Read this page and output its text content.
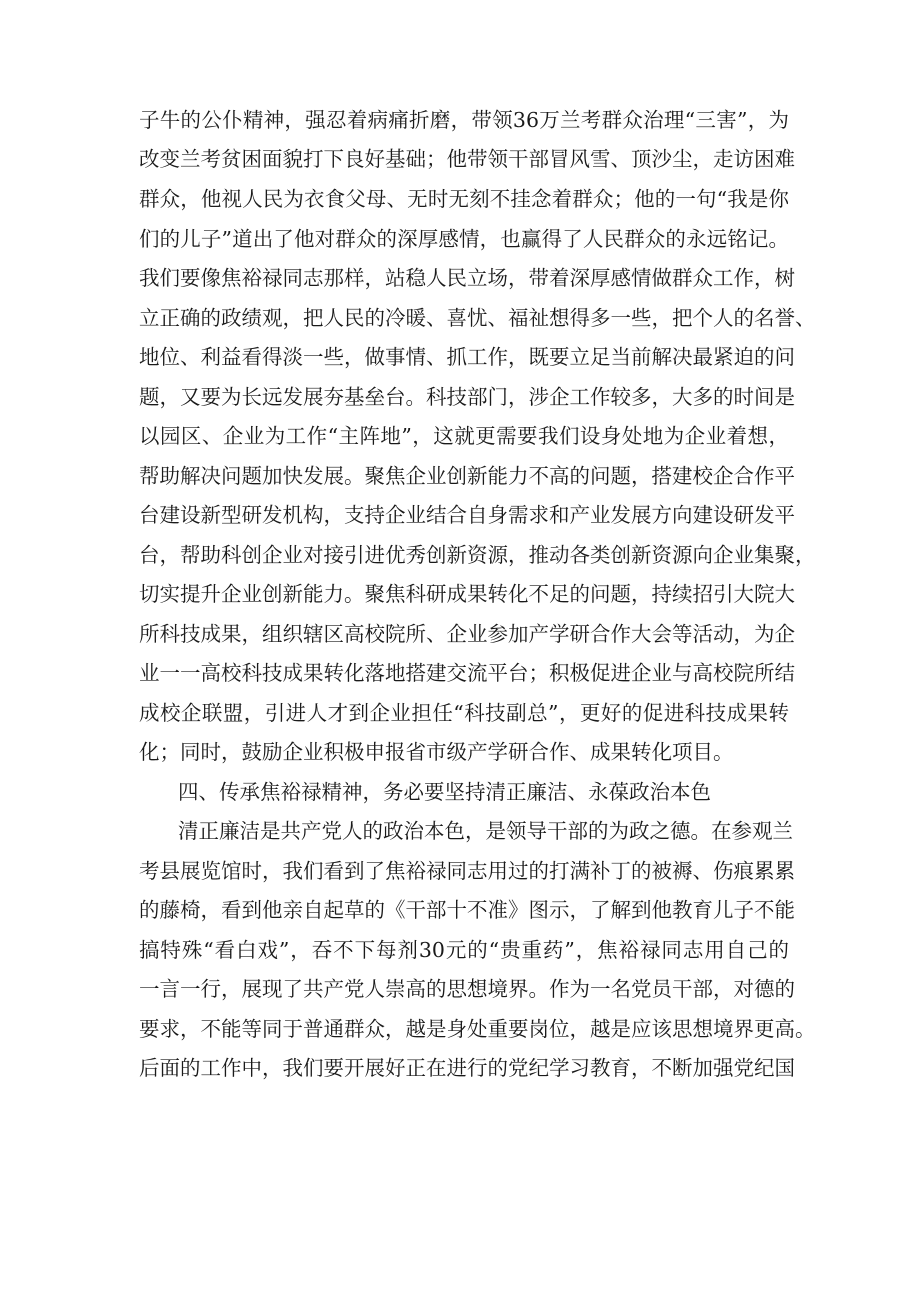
子牛的公仆精神，强忍着病痛折磨，带领36万兰考群众治理“三害”，为
改变兰考贫困面貌打下良好基础；他带领干部冒风雪、顶沙尘，走访困难
群众，他视人民为衣食父母、无时无刻不挂念着群众；他的一句“我是你
们的儿子”道出了他对群众的深厚感情，也赢得了人民群众的永远铭记。
我们要像焦裕禄同志那样，站稳人民立场，带着深厚感情做群众工作，树
立正确的政绩观，把人民的冷暖、喜忧、福祉想得多一些，把个人的名誉、
地位、利益看得淡一些，做事情、抓工作，既要立足当前解决最紧迫的问
题，又要为长远发展夯基垒台。科技部门，涉企工作较多，大多的时间是
以园区、企业为工作“主阵地”，这就更需要我们设身处地为企业着想，
帮助解决问题加快发展。聚焦企业创新能力不高的问题，搭建校企合作平
台建设新型研发机构，支持企业结合自身需求和产业发展方向建设研发平
台，帮助科创企业对接引进优秀创新资源，推动各类创新资源向企业集聚，
切实提升企业创新能力。聚焦科研成果转化不足的问题，持续招引大院大
所科技成果，组织辖区高校院所、企业参加产学研合作大会等活动，为企
业一一高校科技成果转化落地搭建交流平台；积极促进企业与高校院所结
成校企联盟，引进人才到企业担任“科技副总”，更好的促进科技成果转
化；同时，鼓励企业积极申报省市级产学研合作、成果转化项目。
四、传承焦裕禄精神，务必要坚持清正廉洁、永葆政治本色
清正廉洁是共产党人的政治本色，是领导干部的为政之德。在参观兰
考县展览馆时，我们看到了焦裕禄同志用过的打满补丁的被褥、伤痕累累
的藤椅，看到他亲自起草的《干部十不准》图示，了解到他教育儿子不能
搞特殊“看白戏”，吞不下每剂30元的“贵重药”，焦裕禄同志用自己的
一言一行，展现了共产党人崇高的思想境界。作为一名党员干部，对德的
要求，不能等同于普通群众，越是身处重要岗位，越是应该思想境界更高。
后面的工作中，我们要开展好正在进行的党纪学习教育，不断加强党纪国
